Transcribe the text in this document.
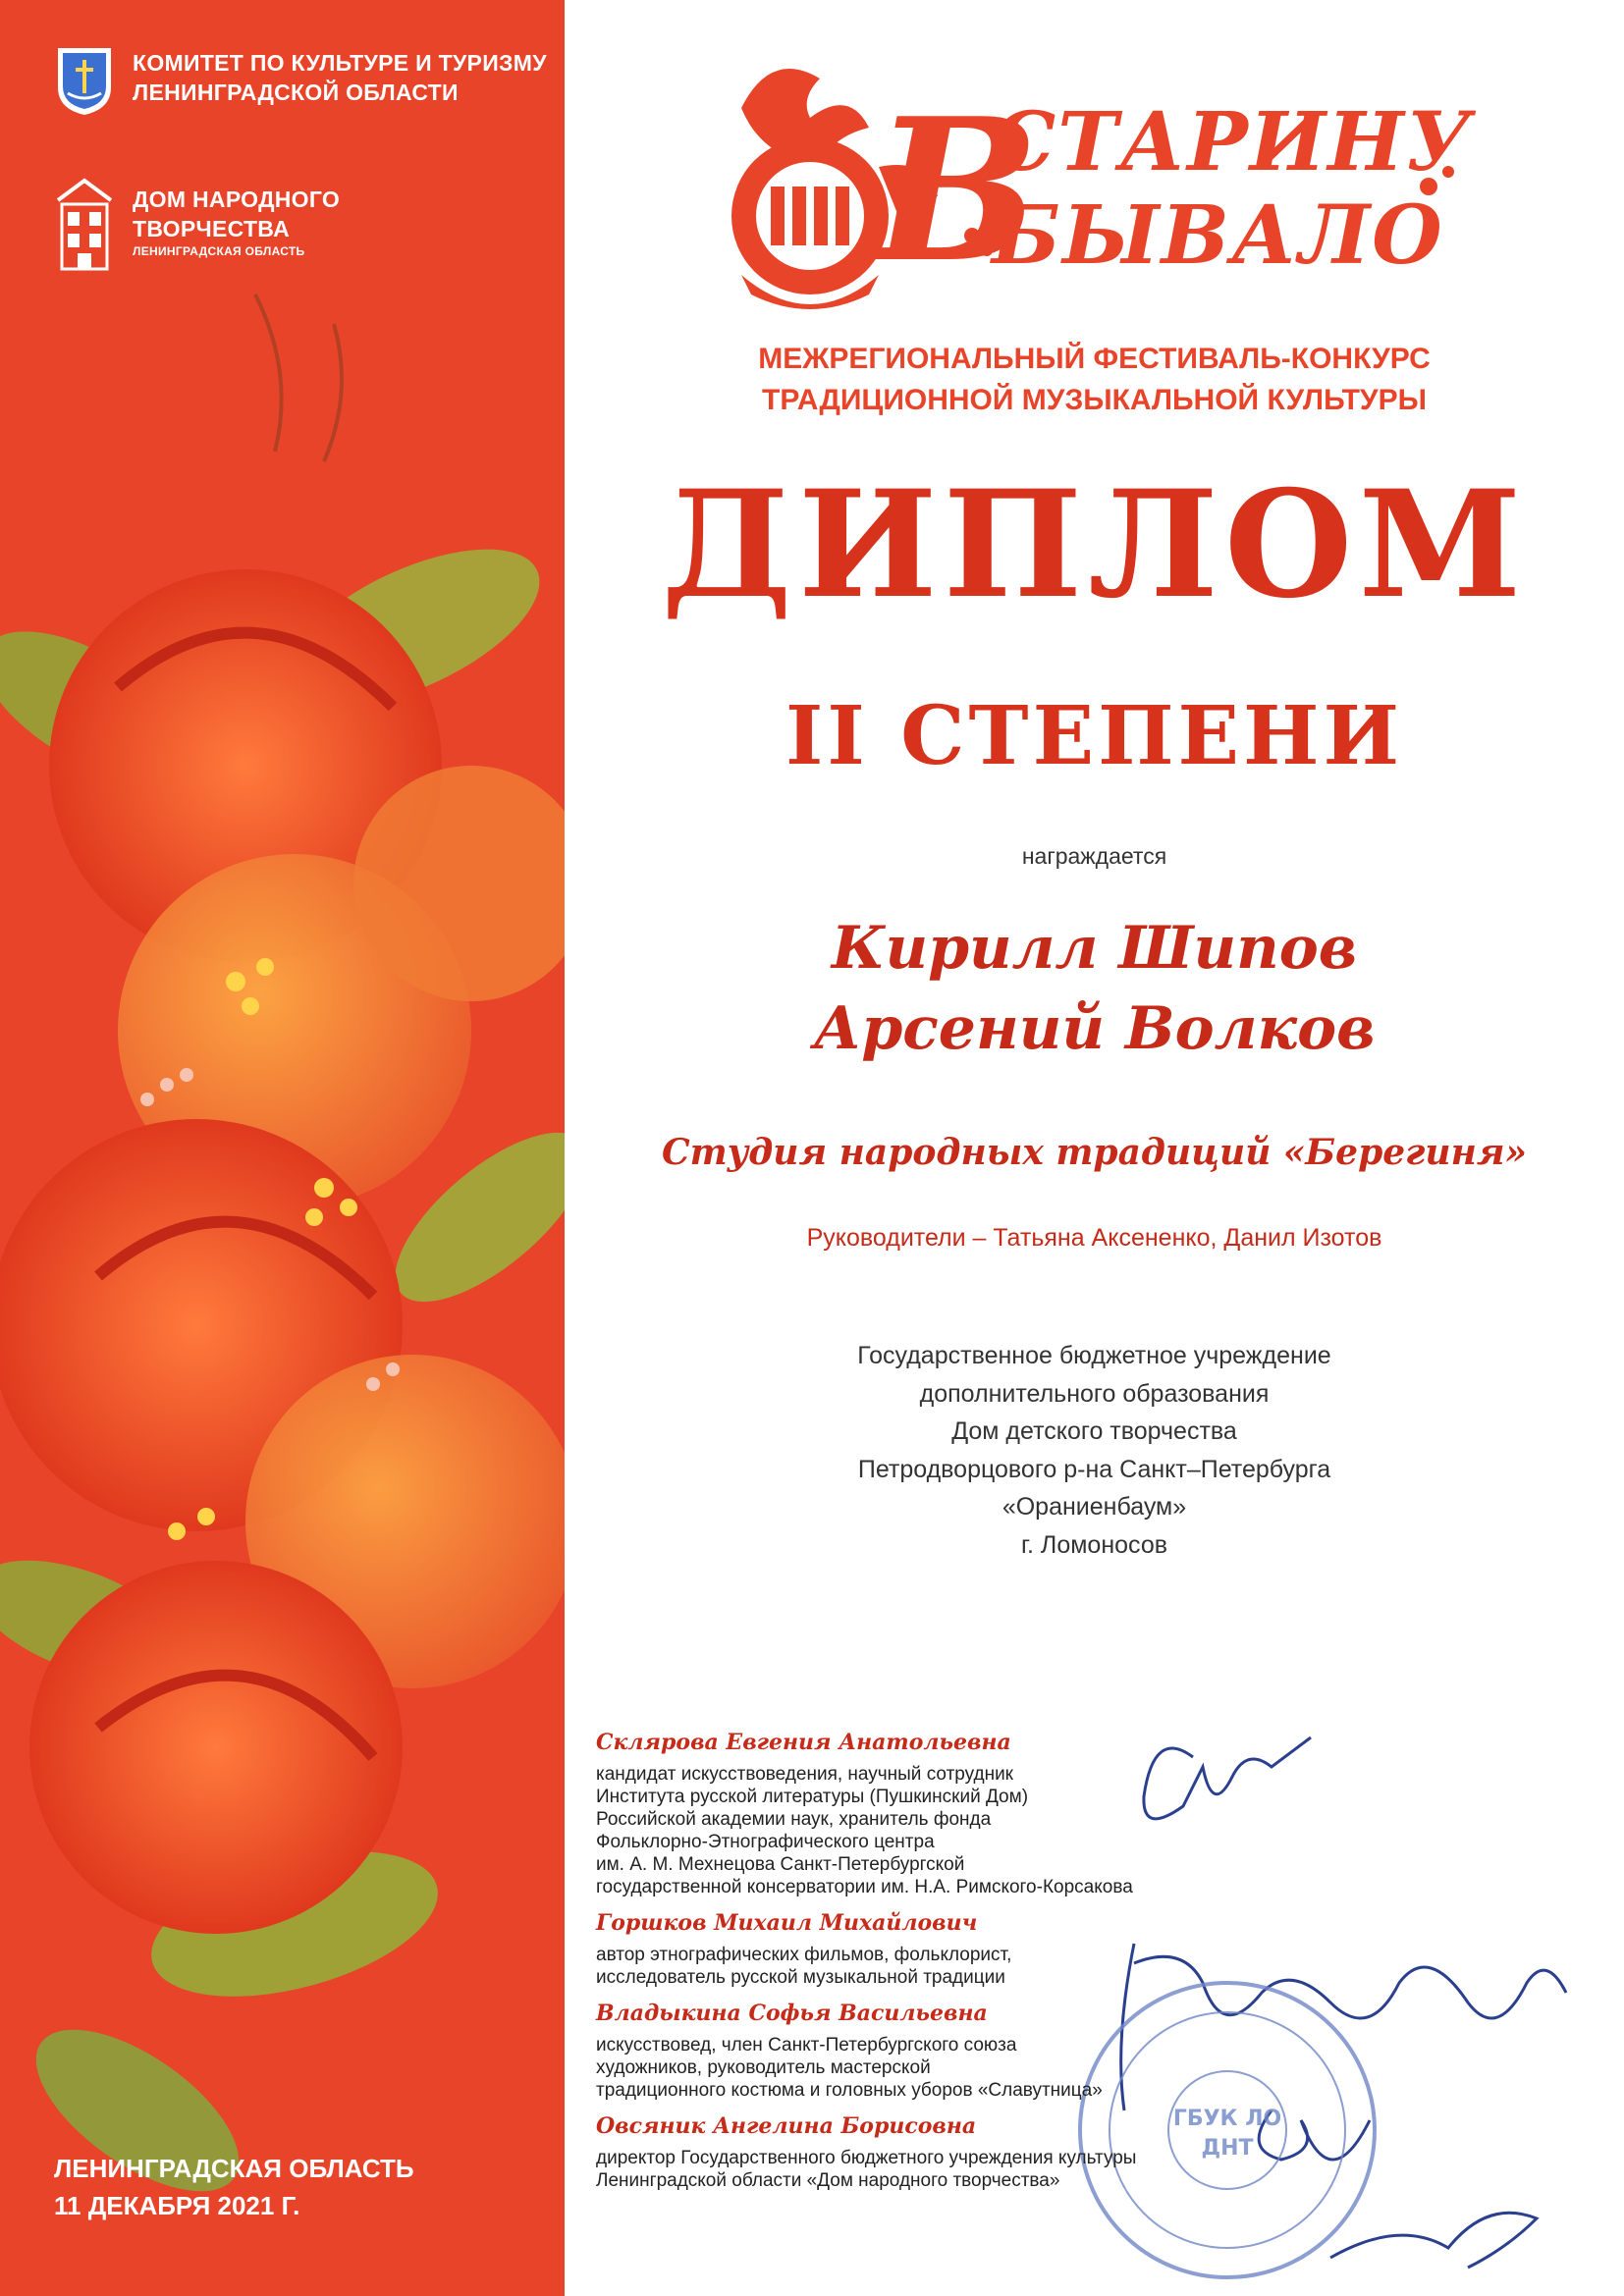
КОМИТЕТ ПО КУЛЬТУРЕ И ТУРИЗМУ
ЛЕНИНГРАДСКОЙ ОБЛАСТИ
ДОМ НАРОДНОГО
ТВОРЧЕСТВА
ЛЕНИНГРАДСКАЯ ОБЛАСТЬ
ЛЕНИНГРАДСКАЯ ОБЛАСТЬ
11 ДЕКАБРЯ 2021 Г.
В
СТАРИНУ
БЫВАЛО
МЕЖРЕГИОНАЛЬНЫЙ ФЕСТИВАЛЬ-КОНКУРС
ТРАДИЦИОННОЙ МУЗЫКАЛЬНОЙ КУЛЬТУРЫ
ДИПЛОМ
II СТЕПЕНИ
награждается
Кирилл Шипов
Арсений Волков
Студия народных традиций «Берегиня»
Руководители – Татьяна Аксененко, Данил Изотов
Государственное бюджетное учреждение
дополнительного образования
Дом детского творчества
Петродворцового р-на Санкт–Петербурга
«Ораниенбаум»
г. Ломоносов
ГБУК ЛО
ДНТ
Склярова Евгения Анатольевна
кандидат искусствоведения, научный сотрудник
Института русской литературы (Пушкинский Дом)
Российской академии наук, хранитель фонда
Фольклорно-Этнографического центра
им. А. М. Мехнецова Санкт-Петербургской
государственной консерватории им. Н.А. Римского-Корсакова
Горшков Михаил Михайлович
автор этнографических фильмов, фольклорист,
исследователь русской музыкальной традиции
Владыкина Софья Васильевна
искусствовед, член Санкт-Петербургского союза
художников, руководитель мастерской
традиционного костюма и головных уборов «Славутница»
Овсяник Ангелина Борисовна
директор Государственного бюджетного учреждения культуры
Ленинградской области «Дом народного творчества»
